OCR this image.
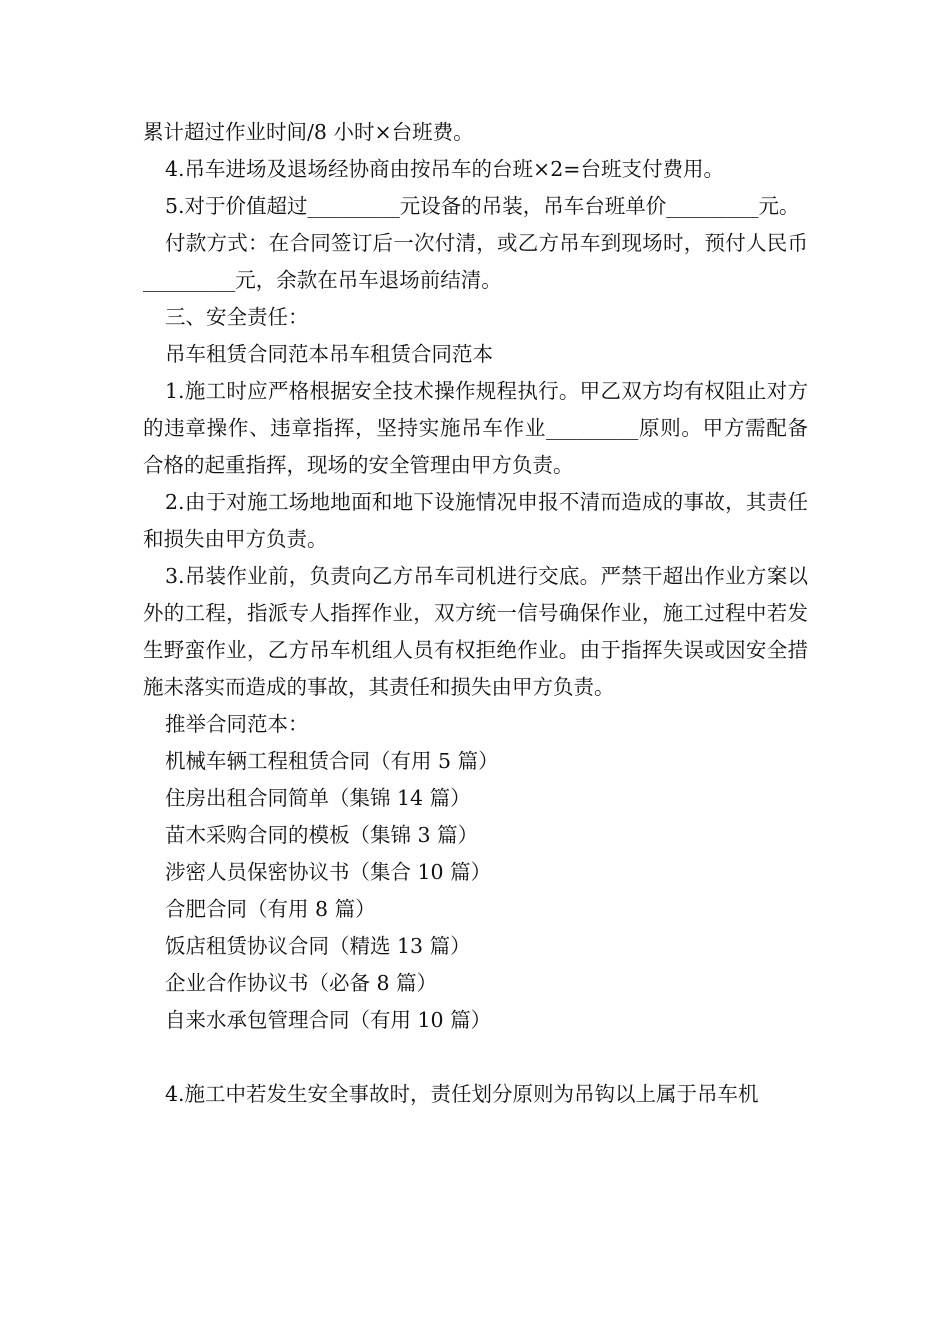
累计超过作业时间/8 小时×台班费。

4.吊车进场及退场经协商由按吊车的台班×2=台班支付费用。

5.对于价值超过_________元设备的吊装，吊车台班单价_________元。

付款方式：在合同签订后一次付清，或乙方吊车到现场时，预付人民币_________元，余款在吊车退场前结清。

三、安全责任：

吊车租赁合同范本吊车租赁合同范本

1.施工时应严格根据安全技术操作规程执行。甲乙双方均有权阻止对方的违章操作、违章指挥，坚持实施吊车作业_________原则。甲方需配备合格的起重指挥，现场的安全管理由甲方负责。

2.由于对施工场地地面和地下设施情况申报不清而造成的事故，其责任和损失由甲方负责。

3.吊装作业前，负责向乙方吊车司机进行交底。严禁干超出作业方案以外的工程，指派专人指挥作业，双方统一信号确保作业，施工过程中若发生野蛮作业，乙方吊车机组人员有权拒绝作业。由于指挥失误或因安全措施未落实而造成的事故，其责任和损失由甲方负责。

推举合同范本：

机械车辆工程租赁合同（有用 5 篇）
住房出租合同简单（集锦 14 篇）
苗木采购合同的模板（集锦 3 篇）
涉密人员保密协议书（集合 10 篇）
合肥合同（有用 8 篇）
饭店租赁协议合同（精选 13 篇）
企业合作协议书（必备 8 篇）
自来水承包管理合同（有用 10 篇）

4.施工中若发生安全事故时，责任划分原则为吊钩以上属于吊车机
